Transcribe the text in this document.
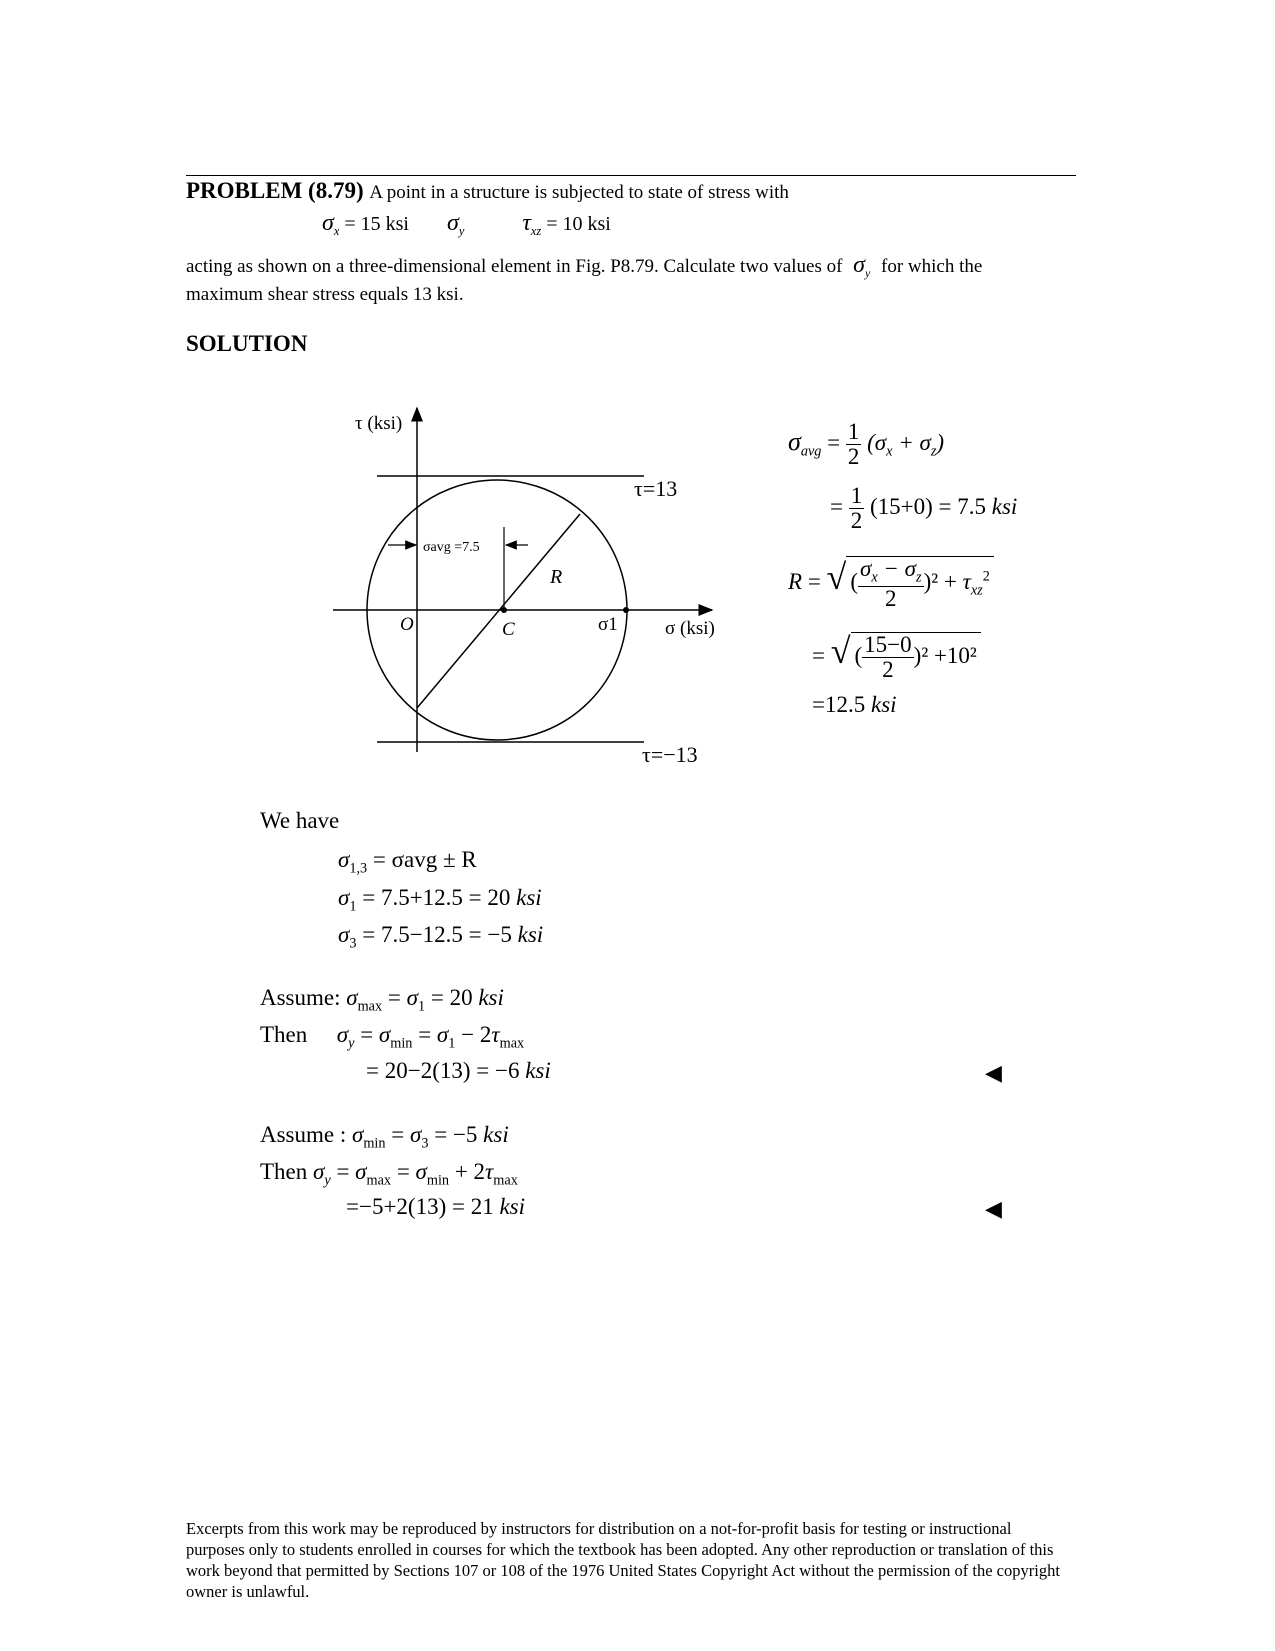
PROBLEM (8.79) A point in a structure is subjected to state of stress with
$\sigma_x = 15$ ksi $\sigma_y$ $\tau_{xz} = 10$ ksi
acting as shown on a three-dimensional element in Fig. P8.79. Calculate two values of $\sigma_y$ for which the
maximum shear stress equals 13 ksi.
SOLUTION
τ (ksi)
σ (ksi)
τ=13
τ=−13
O	C
R
σ1
σavg =7.5
$\sigma_{avg} = \frac{1}{2} (\sigma_x + \sigma_z)$
= $\frac{1}{2} (15+0) = 7.5$ ksi
R = √( $\frac{\sigma_x - \sigma_z}{2} )^2 + \tau_{xz}^2$
= √( $\frac{15-0}{2} )^2 +10^2$
=12.5 ksi
We have
$\sigma_{1,3} = \sigma avg \pm R$
$\sigma_1 = 7.5+12.5 = 20$ ksi
$\sigma_3 = 7.5-12.5 = -5$ ksi
Assume: $\sigma_{max} = \sigma_1 = 20$ ksi
Then $\sigma_y = \sigma_{min} = \sigma_1 - 2\tau_{max}$
= 20−2(13) = −6 ksi	◀
Assume : $\sigma_{min} = \sigma_3 = -5$ ksi
Then $\sigma_y = \sigma_{max} = \sigma_{min} + 2\tau_{max}$
=−5+2(13) = 21 ksi	◀
Excerpts from this work may be reproduced by instructors for distribution on a not-for-profit basis for testing or instructional purposes only to students enrolled in courses for which the textbook has been adopted. Any other reproduction or translation of this work beyond that permitted by Sections 107 or 108 of the 1976 United States Copyright Act without the permission of the copyright owner is unlawful.
